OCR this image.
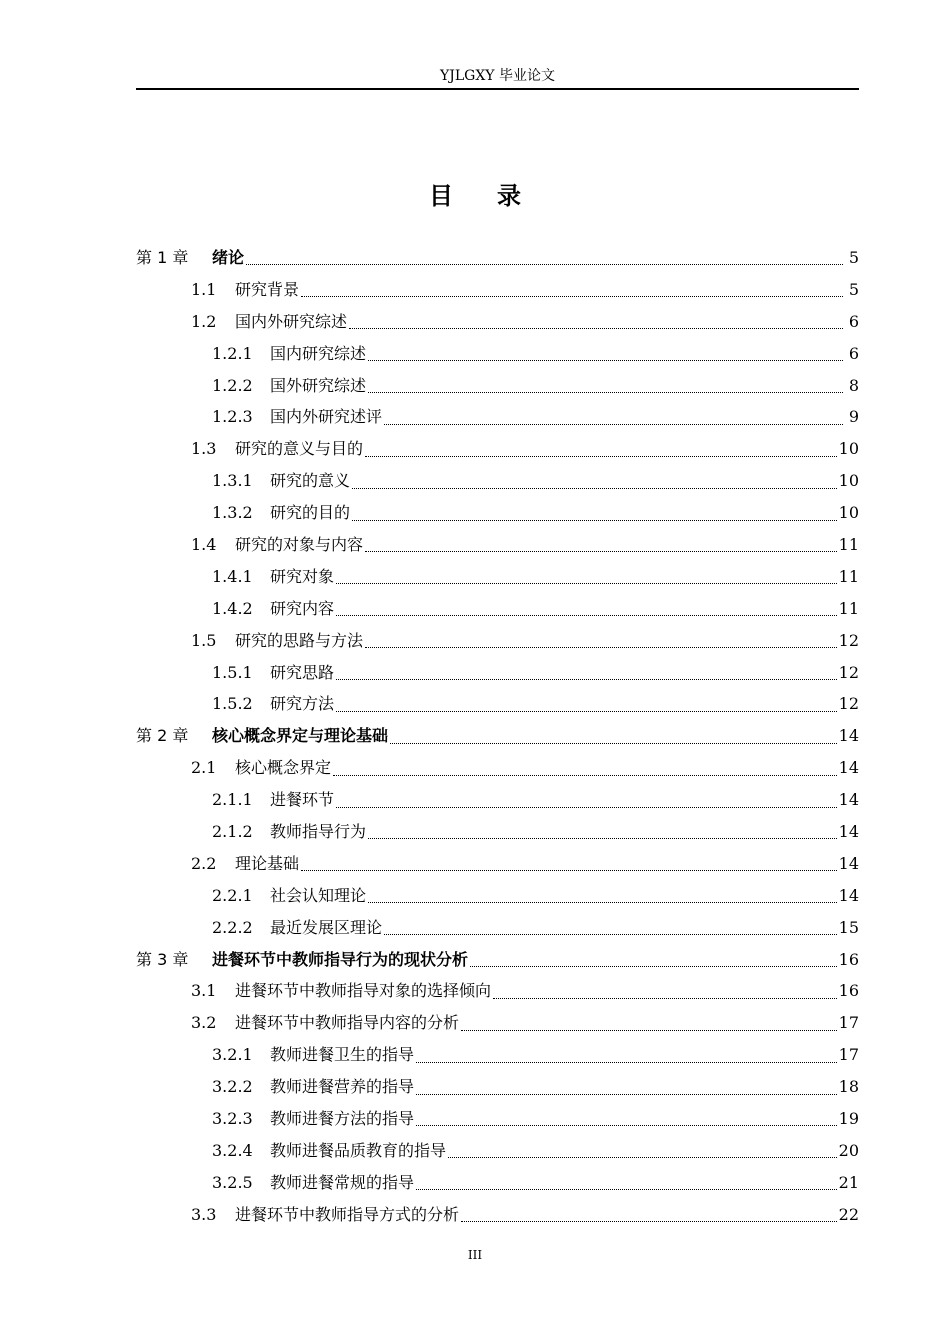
YJLGXY 毕业论文
目录
第 1 章	绪论	5
1.1	研究背景	5
1.2	国内外研究综述	6
1.2.1	国内研究综述	6
1.2.2	国外研究综述	8
1.2.3	国内外研究述评	9
1.3	研究的意义与目的	10
1.3.1	研究的意义	10
1.3.2	研究的目的	10
1.4	研究的对象与内容	11
1.4.1	研究对象	11
1.4.2	研究内容	11
1.5	研究的思路与方法	12
1.5.1	研究思路	12
1.5.2	研究方法	12
第 2 章	核心概念界定与理论基础	14
2.1	核心概念界定	14
2.1.1	进餐环节	14
2.1.2	教师指导行为	14
2.2	理论基础	14
2.2.1	社会认知理论	14
2.2.2	最近发展区理论	15
第 3 章	进餐环节中教师指导行为的现状分析	16
3.1	进餐环节中教师指导对象的选择倾向	16
3.2	进餐环节中教师指导内容的分析	17
3.2.1	教师进餐卫生的指导	17
3.2.2	教师进餐营养的指导	18
3.2.3	教师进餐方法的指导	19
3.2.4	教师进餐品质教育的指导	20
3.2.5	教师进餐常规的指导	21
3.3	进餐环节中教师指导方式的分析	22
III
